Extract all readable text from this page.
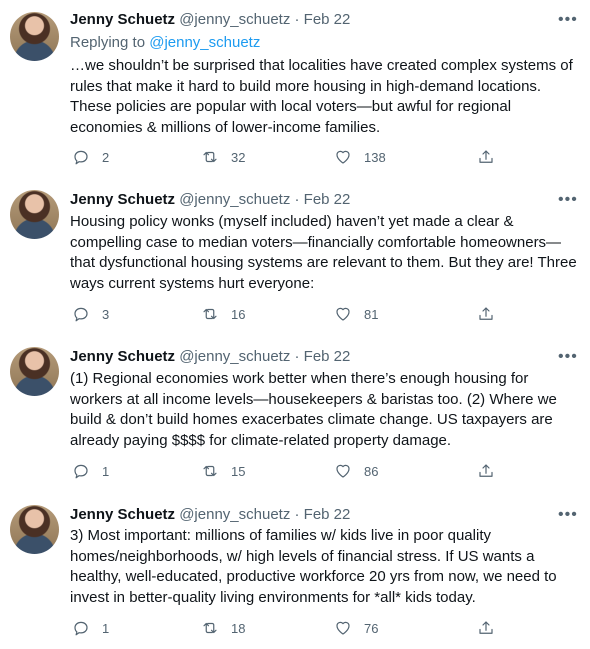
Jenny Schuetz @jenny_schuetz · Feb 22	•••
Replying to @jenny_schuetz
…we shouldn’t be surprised that localities have created complex systems of rules that make it hard to build more housing in high-demand locations. These policies are popular with local voters—but awful for regional economies & millions of lower-income families.
2	32	138
Jenny Schuetz @jenny_schuetz · Feb 22	•••
Housing policy wonks (myself included) haven’t yet made a clear & compelling case to median voters—financially comfortable homeowners—that dysfunctional housing systems are relevant to them. But they are! Three ways current systems hurt everyone:
3	16	81
Jenny Schuetz @jenny_schuetz · Feb 22	•••
(1) Regional economies work better when there’s enough housing for workers at all income levels—housekeepers & baristas too. (2) Where we build & don’t build homes exacerbates climate change. US taxpayers are already paying $$$$ for climate-related property damage.
1	15	86
Jenny Schuetz @jenny_schuetz · Feb 22	•••
3) Most important: millions of families w/ kids live in poor quality homes/neighborhoods, w/ high levels of financial stress. If US wants a healthy, well-educated, productive workforce 20 yrs from now, we need to invest in better-quality living environments for *all* kids today.
1	18	76
